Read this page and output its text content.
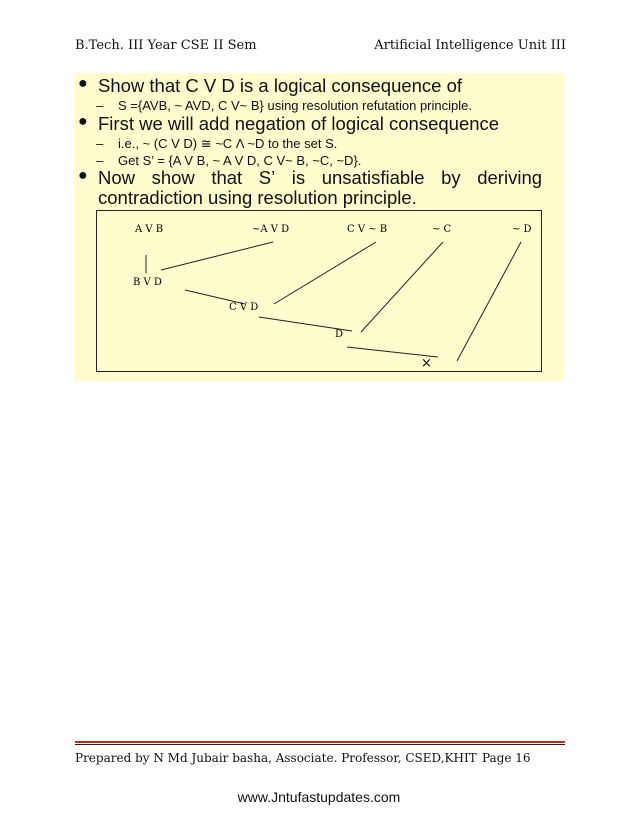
B.Tech. III Year CSE II Sem	Artificial Intelligence Unit III
● Show that C V D is a logical consequence of
– S ={AVB, ~ AVD, C V~ B} using resolution refutation principle.
● First we will add negation of logical consequence
– i.e., ~ (C V D) ≅ ~C Λ ~D to the set S.
– Get S’ = {A V B, ~ A V D, C V~ B, ~C, ~D}.
● Now show that S’ is unsatisfiable by deriving
contradiction using resolution principle.
A V B	~A V D	C V ~ B	~ C	~ D
B V D
C V D
D
×
Prepared by N Md Jubair basha, Associate. Professor, CSED,KHIT Page 16
www.Jntufastupdates.com
